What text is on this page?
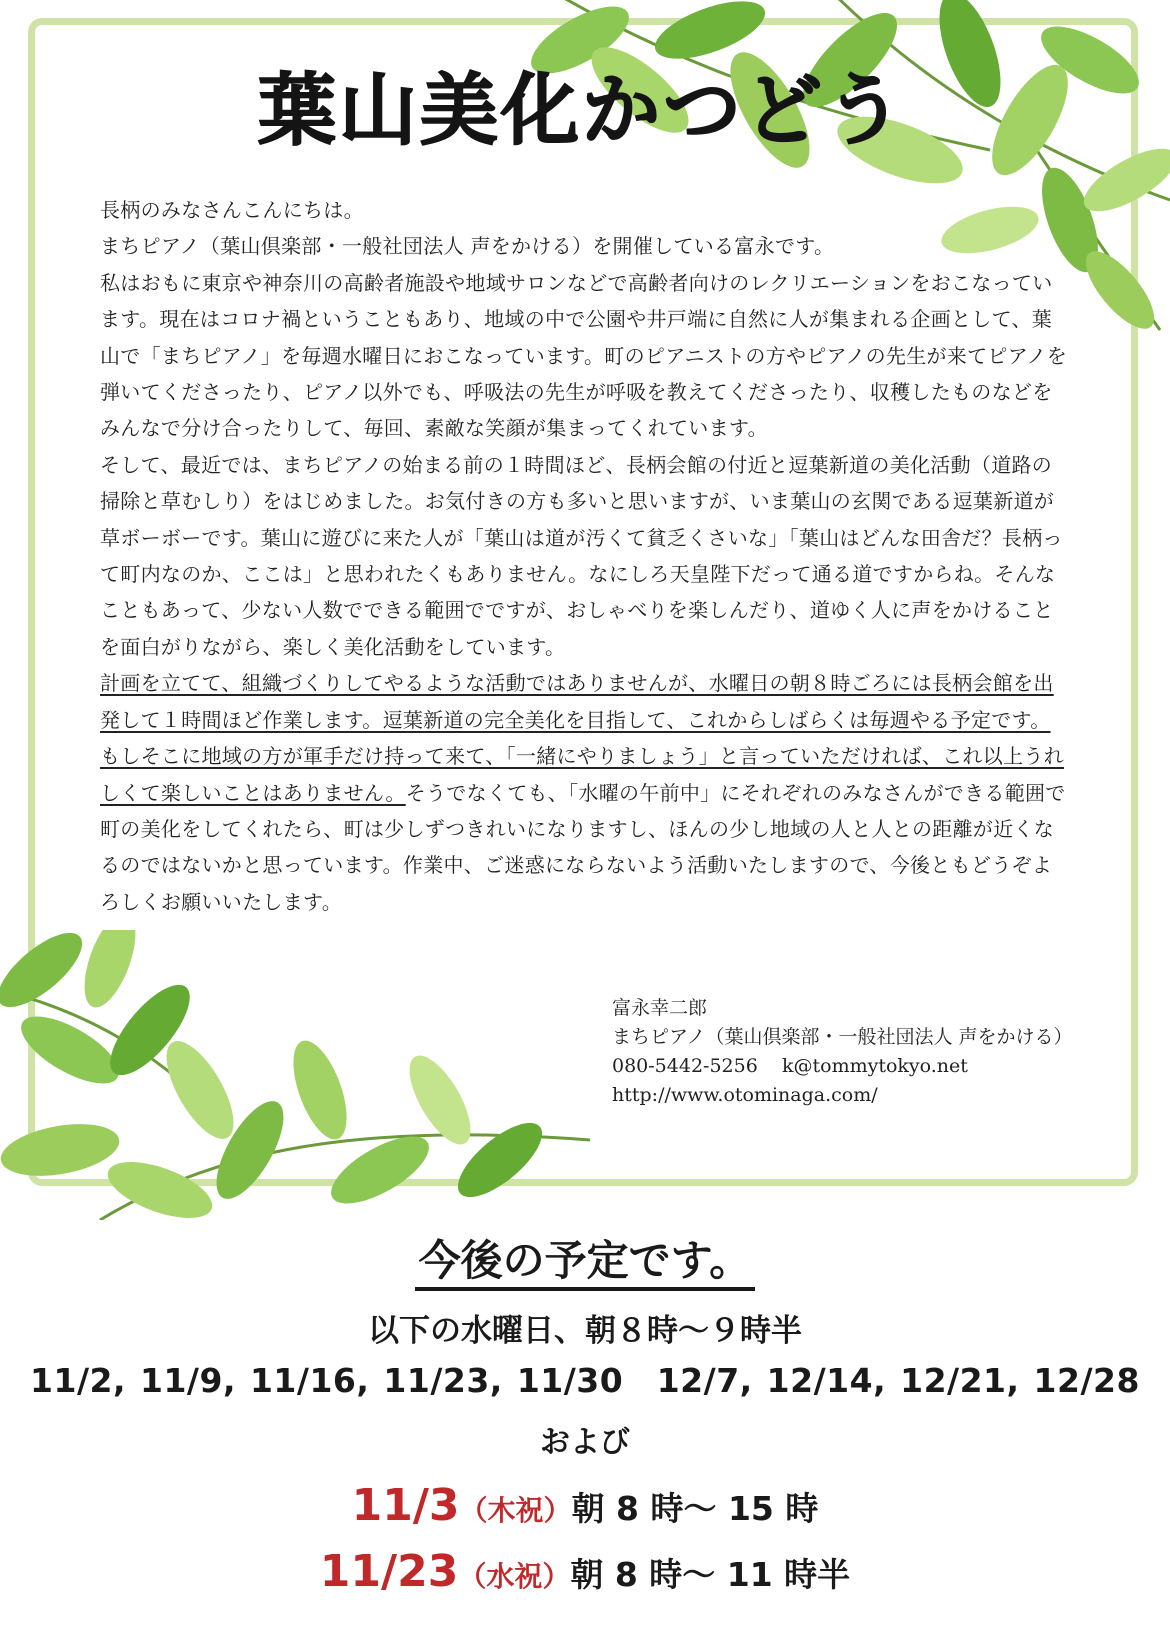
葉山美化かつどう

長柄のみなさんこんにちは。

まちピアノ（葉山倶楽部・一般社団法人 声をかける）を開催している富永です。

私はおもに東京や神奈川の高齢者施設や地域サロンなどで高齢者向けのレクリエーションをおこなっています。現在はコロナ禍ということもあり、地域の中で公園や井戸端に自然に人が集まれる企画として、葉山で「まちピアノ」を毎週水曜日におこなっています。町のピアニストの方やピアノの先生が来てピアノを弾いてくださったり、ピアノ以外でも、呼吸法の先生が呼吸を教えてくださったり、収穫したものなどをみんなで分け合ったりして、毎回、素敵な笑顔が集まってくれています。

そして、最近では、まちピアノの始まる前の１時間ほど、長柄会館の付近と逗葉新道の美化活動（道路の掃除と草むしり）をはじめました。お気付きの方も多いと思いますが、いま葉山の玄関である逗葉新道が草ボーボーです。葉山に遊びに来た人が「葉山は道が汚くて貧乏くさいな」「葉山はどんな田舎だ？長柄って町内なのか、ここは」と思われたくもありません。なにしろ天皇陛下だって通る道ですからね。そんなこともあって、少ない人数でできる範囲でですが、おしゃべりを楽しんだり、道ゆく人に声をかけることを面白がりながら、楽しく美化活動をしています。

計画を立てて、組織づくりしてやるような活動ではありませんが、水曜日の朝８時ごろには長柄会館を出発して１時間ほど作業します。逗葉新道の完全美化を目指して、これからしばらくは毎週やる予定です。もしそこに地域の方が軍手だけ持って来て、「一緒にやりましょう」と言っていただければ、これ以上うれしくて楽しいことはありません。そうでなくても、「水曜の午前中」にそれぞれのみなさんができる範囲で町の美化をしてくれたら、町は少しずつきれいになりますし、ほんの少し地域の人と人との距離が近くなるのではないかと思っています。作業中、ご迷惑にならないよう活動いたしますので、今後ともどうぞよろしくお願いいたします。

富永幸二郎
まちピアノ（葉山倶楽部・一般社団法人 声をかける）
080-5442-5256 k@tommytokyo.net
http://www.otominaga.com/
今後の予定です。
以下の水曜日、朝８時〜９時半
11/2, 11/9, 11/16, 11/23, 11/30　12/7, 12/14, 12/21, 12/28
および
11/3（木祝）朝 8 時〜 15 時
11/23（水祝）朝 8 時〜 11 時半
